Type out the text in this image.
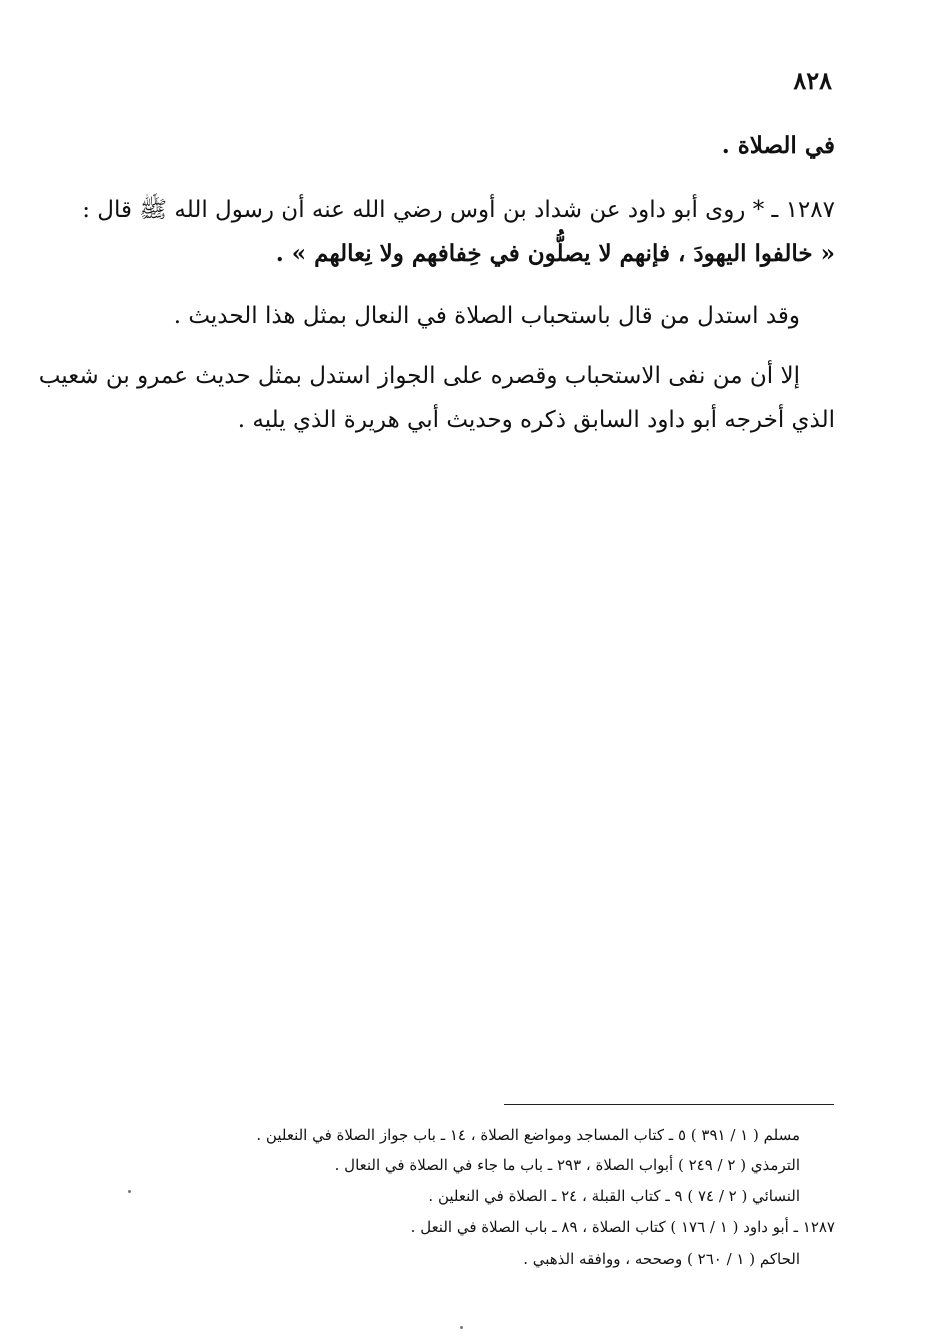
٨٢٨
في الصلاة .
١٢٨٧ ـ * روى أبو داود عن شداد بن أوس رضي الله عنه أن رسول الله ﷺ قال :
« خالفوا اليهودَ ، فإنهم لا يصلُّون في خِفافهم ولا نِعالهم » .
وقد استدل من قال باستحباب الصلاة في النعال بمثل هذا الحديث .
إلا أن من نفى الاستحباب وقصره على الجواز استدل بمثل حديث عمرو بن شعيب
الذي أخرجه أبو داود السابق ذكره وحديث أبي هريرة الذي يليه .
مسلم ( ١ / ٣٩١ ) ٥ ـ كتاب المساجد ومواضع الصلاة ، ١٤ ـ باب جواز الصلاة في النعلين .
الترمذي ( ٢ / ٢٤٩ ) أبواب الصلاة ، ٢٩٣ ـ باب ما جاء في الصلاة في النعال .
النسائي ( ٢ / ٧٤ ) ٩ ـ كتاب القبلة ، ٢٤ ـ الصلاة في النعلين .
١٢٨٧ ـ أبو داود ( ١ / ١٧٦ ) كتاب الصلاة ، ٨٩ ـ باب الصلاة في النعل .
الحاكم ( ١ / ٢٦٠ ) وصححه ، ووافقه الذهبي .
